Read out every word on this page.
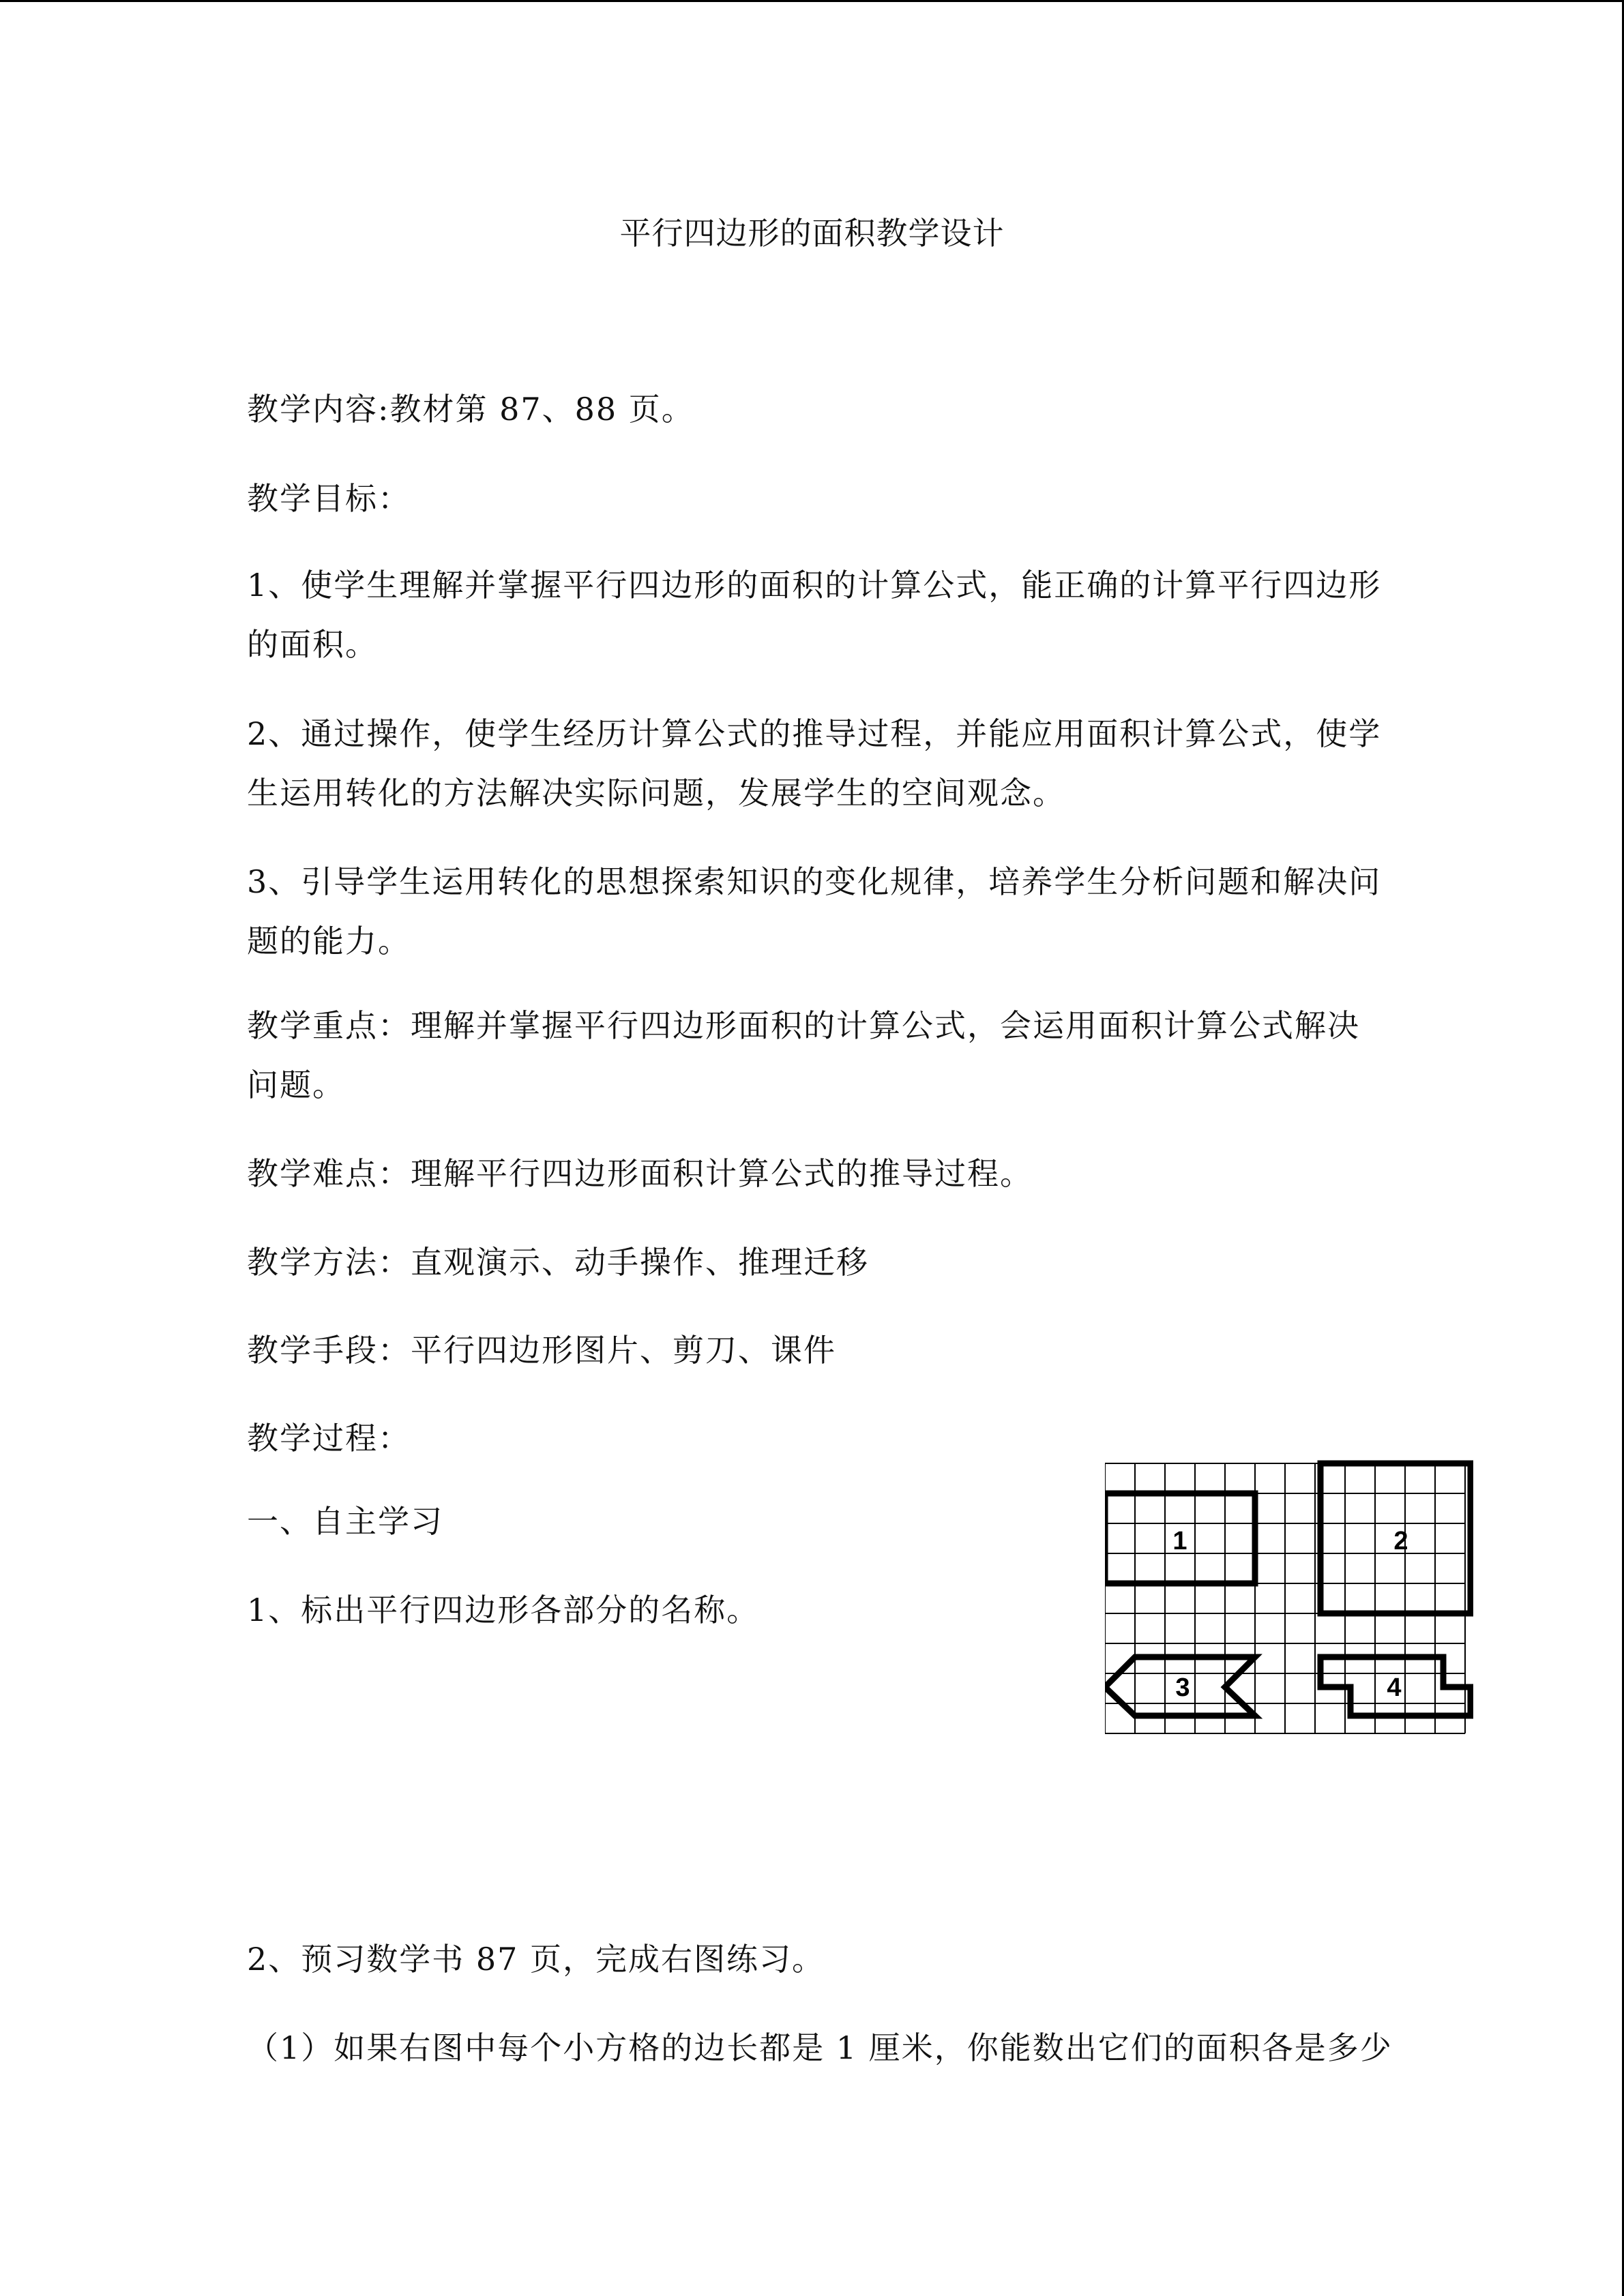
平行四边形的面积教学设计
教学内容:教材第 87、88 页。
教学目标：
1、使学生理解并掌握平行四边形的面积的计算公式，能正确的计算平行四边形
的面积。
2、通过操作，使学生经历计算公式的推导过程，并能应用面积计算公式，使学
生运用转化的方法解决实际问题，发展学生的空间观念。
3、引导学生运用转化的思想探索知识的变化规律，培养学生分析问题和解决问
题的能力。
教学重点：理解并掌握平行四边形面积的计算公式，会运用面积计算公式解决
问题。
教学难点：理解平行四边形面积计算公式的推导过程。
教学方法：直观演示、动手操作、推理迁移
教学手段：平行四边形图片、剪刀、课件
教学过程：
一、自主学习
1、标出平行四边形各部分的名称。
2、预习数学书 87 页，完成右图练习。
（1）如果右图中每个小方格的边长都是 1 厘米，你能数出它们的面积各是多少
1	2
3	4
